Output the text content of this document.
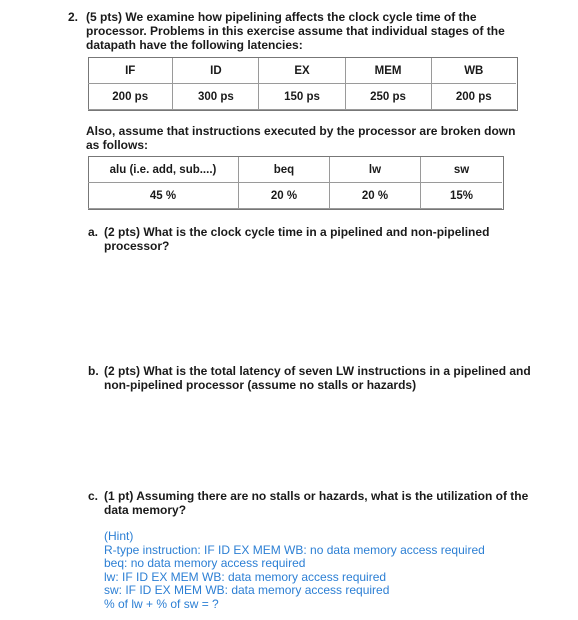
2. (5 pts) We examine how pipelining affects the clock cycle time of the processor. Problems in this exercise assume that individual stages of the datapath have the following latencies:
IF	ID	EX	MEM	WB
200 ps	300 ps	150 ps	250 ps	200 ps
Also, assume that instructions executed by the processor are broken down as follows:
alu (i.e. add, sub....)	beq	lw	sw
45 %	20 %	20 %	15%
a. (2 pts) What is the clock cycle time in a pipelined and non-pipelined processor?
b. (2 pts) What is the total latency of seven LW instructions in a pipelined and non-pipelined processor (assume no stalls or hazards)
c. (1 pt) Assuming there are no stalls or hazards, what is the utilization of the data memory?
(Hint)
R-type instruction: IF ID EX MEM WB: no data memory access required
beq: no data memory access required
lw: IF ID EX MEM WB: data memory access required
sw: IF ID EX MEM WB: data memory access required
% of lw + % of sw = ?
